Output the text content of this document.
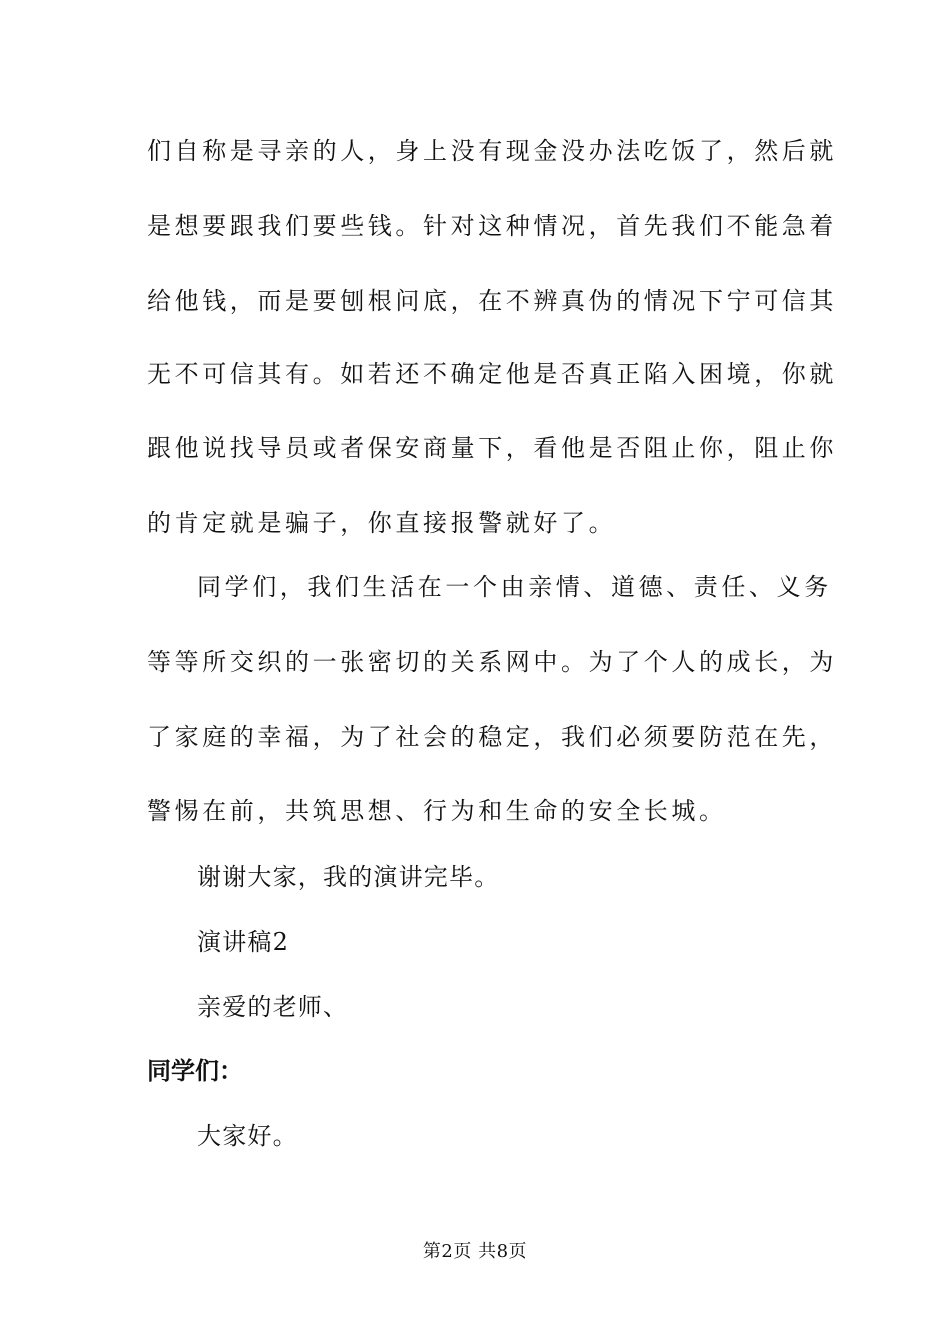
们自称是寻亲的人，身上没有现金没办法吃饭了，然后就
是想要跟我们要些钱。针对这种情况，首先我们不能急着
给他钱，而是要刨根问底，在不辨真伪的情况下宁可信其
无不可信其有。如若还不确定他是否真正陷入困境，你就
跟他说找导员或者保安商量下，看他是否阻止你，阻止你
的肯定就是骗子，你直接报警就好了。
同学们，我们生活在一个由亲情、道德、责任、义务
等等所交织的一张密切的关系网中。为了个人的成长，为
了家庭的幸福，为了社会的稳定，我们必须要防范在先，
警惕在前，共筑思想、行为和生命的安全长城。
谢谢大家，我的演讲完毕。
演讲稿2
亲爱的老师、
同学们：
大家好。
第2页 共8页
